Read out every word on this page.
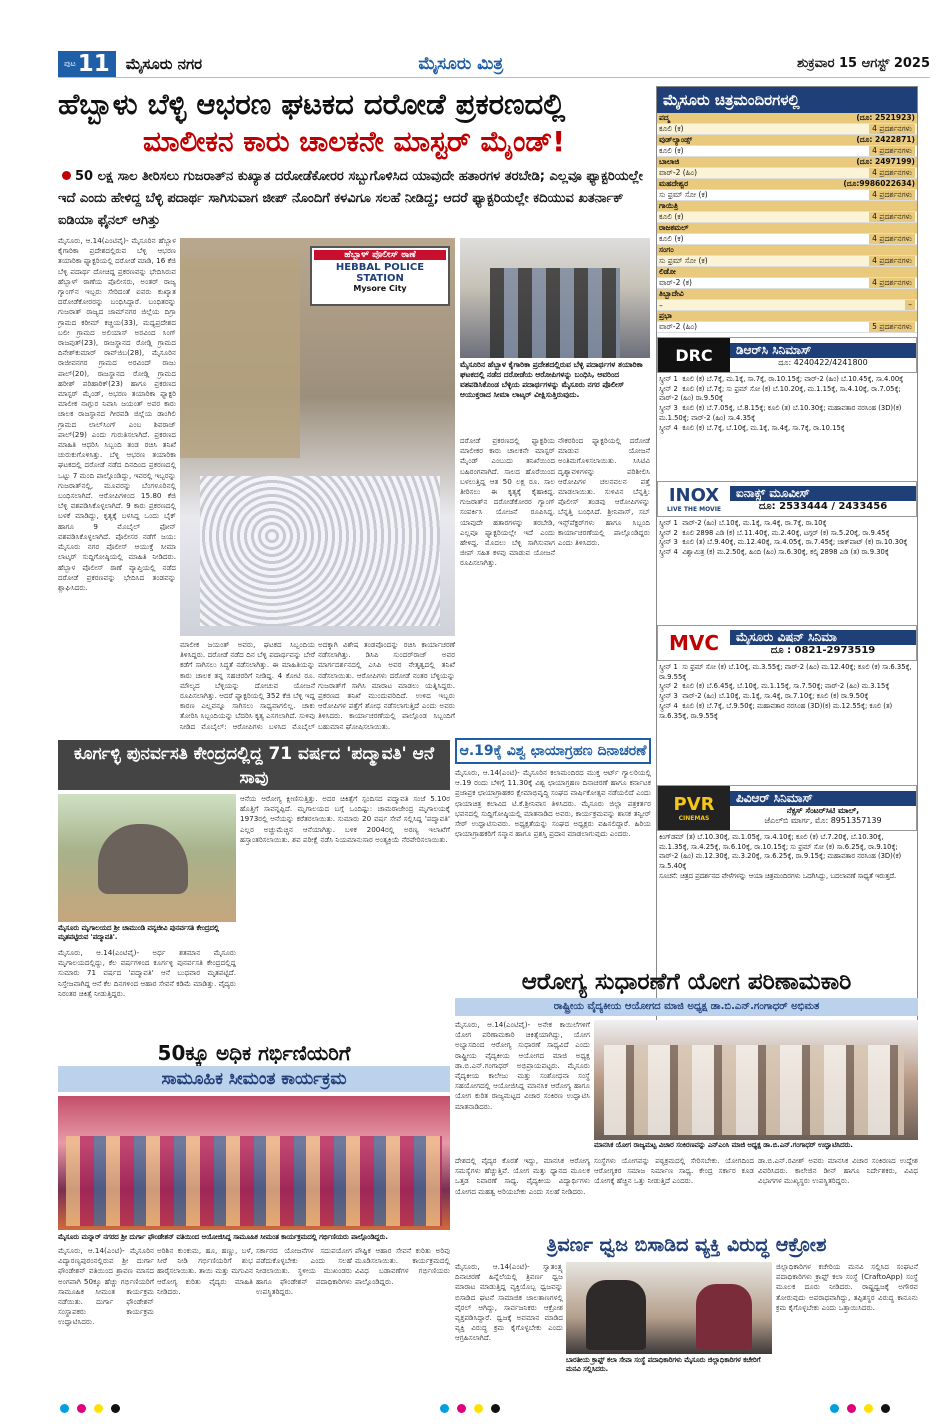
ಪುಟ 11 ಮೈಸೂರು ನಗರ	ಮೈಸೂರು ಮಿತ್ರ	ಶುಕ್ರವಾರ 15 ಆಗಸ್ಟ್ 2025
ಹೆಬ್ಬಾಳು ಬೆಳ್ಳಿ ಆಭರಣ ಘಟಕದ ದರೋಡೆ ಪ್ರಕರಣದಲ್ಲಿ
ಮಾಲೀಕನ ಕಾರು ಚಾಲಕನೇ ಮಾಸ್ಟರ್ ಮೈಂಡ್!
50 ಲಕ್ಷ ಸಾಲ ತೀರಿಸಲು ಗುಜರಾತ್‌ನ ಕುಖ್ಯಾತ ದರೋಡೆಕೋರರ ಸಬ್ಬುಗೊಳಿಸಿದ ಯಾವುದೇ ಹತಾರಗಳ ತರಬೇಡಿ; ಎಲ್ಲವೂ ಫ್ಯಾಕ್ಟರಿಯಲ್ಲೇ ಇದೆ ಎಂದು ಹೇಳಿದ್ದ ಬೆಳ್ಳಿ ಪದಾರ್ಥ ಸಾಗಿಸುವಾಗ ಜೀಪ್ ನೊಂದಿಗೆ ಕಳವಿಗೂ ಸಲಹೆ ನೀಡಿದ್ದ; ಆದರೆ ಫ್ಯಾಕ್ಟರಿಯಲ್ಲೇ ಕದಿಯುವ ಖತರ್ನಾಕ್ ಐಡಿಯಾ ಫೈನಲ್ ಆಗಿತ್ತು
ಮೈಸೂರು, ಆ.14(ಎಂಟಿವೈ)- ಮೈಸೂರಿನ ಹೆಬ್ಬಾಳ ಕೈಗಾರಿಕಾ ಪ್ರದೇಶದಲ್ಲಿರುವ ಬೆಳ್ಳಿ ಆಭರಣ ತಯಾರಿಕಾ ಫ್ಯಾಕ್ಟರಿಯಲ್ಲಿ ದರೋಡೆ ಮಾಡಿ, 16 ಕೆಜಿ ಬೆಳ್ಳಿ ಪದಾರ್ಥ ದೋಚಿದ್ದ ಪ್ರಕರಣವನ್ನು ಭೇದಿಸಿರುವ ಹೆಬ್ಬಾಳ್ ಠಾಣೆಯ ಪೊಲೀಸರು, ಅಂತರ್ ರಾಜ್ಯ ಗ್ಯಾಂಗ್‌ನ ಇಬ್ಬರು ಸೇರಿದಂತೆ ಐವರು ಕುಖ್ಯಾತ ದರೋಡೆಕೋರರನ್ನು ಬಂಧಿಸಿದ್ದಾರೆ. ಬಂಧಿತರನ್ನು ಗುಜರಾತ್ ರಾಜ್ಯದ ಜಾಮ್‌ನಗರ ಜಿಲ್ಲೆಯ ದಿಗ್ರಾ ಗ್ರಾಮದ ಕರೀಮ್ ಕಚ್ಚಿಯ(33), ಮಧ್ಯಪ್ರದೇಶದ ಬಲೀ ಗ್ರಾಮದ ಅಲಿಯಾಸ್ ಅರವಿಂದ ಸಿಂಗ್ ರಾಜಪುತ್(23), ರಾಜಸ್ಥಾನದ ರೋಡ್ಲಿ ಗ್ರಾಮದ ದಿನೇಶ್‌ಕುಮಾರ್ ರಾವ್‌ಜಿಬ(28), ಮೈಸೂರಿನ ರಾಜೀವನಗರ ಗ್ರಾಮದ ಅರವಿಂದ್ ರಾಜು ಪಾಲ್(20), ರಾಜಸ್ಥಾನದ ರೋಡ್ಲಿ ಗ್ರಾಮದ ಹರೀಶ್ ಪರಿಹಾರಿಕ್(23) ಹಾಗೂ ಪ್ರಕರಣದ ಮಾಸ್ಟರ್ ಮೈಂಡ್, ಅಭರಣ ತಯಾರಿಕಾ ಫ್ಯಾಕ್ಟರಿ ಮಾಲೀಕ ನಾಗ್ಪುರ ನಿವಾಸಿ ಜಯಂತ್ ಅವರ ಕಾರು ಚಾಲಕ ರಾಜಸ್ಥಾನದ ಗೀರವಡಿ ಜಿಲ್ಲೆಯ ಡಾಂಗಿಲಿ ಗ್ರಾಮದ ಲಾಲ್‌ಸಿಂಗ್ ಎಂಬ ಶಿವರಾಜ್ ಪಾಲ್(29) ಎಂದು ಗುರುತಿಸಲಾಗಿದೆ. ಪ್ರಕರಣದ ಮಾಹಿತಿ ಆಧರಿಸಿ ಸಿಬ್ಬಂದಿ ತಂಡ ರಚಿಸಿ ತನಿಖೆ ಚುರುಕುಗೊಳಿಸಿತ್ತು. ಬೆಳ್ಳಿ ಆಭರಣ ತಯಾರಿಕಾ ಘಟಕದಲ್ಲಿ ದರೋಡೆ ನಡೆದ ದಿನದಿಂದ ಪ್ರಕರಣದಲ್ಲಿ ಒಟ್ಟು 7 ಮಂದಿ ಪಾಲ್ಗೊಂಡಿದ್ದು, ಇವರಲ್ಲಿ ಇಬ್ಬರನ್ನು ಗುಜರಾತ್‌ನಲ್ಲಿ, ಮೂವರನ್ನು ಬೆಂಗಳೂರಿನಲ್ಲಿ ಬಂಧಿಸಲಾಗಿದೆ. ಆರೋಪಿಗಳಿಂದ 15.80 ಕೆಜಿ ಬೆಳ್ಳಿ ವಶಪಡಿಸಿಕೊಳ್ಳಲಾಗಿದೆ. 9 ಕಾರು ಪ್ರಕರಣದಲ್ಲಿ ಬಳಕೆ ಮಾಡಿದ್ದು, ಕೃತ್ಯಕ್ಕೆ ಬಳಸಿದ್ದ ಒಂದು ಬೈಕ್ ಹಾಗೂ 9 ಮೊಬೈಲ್ ಫೋನ್ ವಶಪಡಿಸಿಕೊಳ್ಳಲಾಗಿದೆ. ಪೊಲೀಸರ ನಡೆಗೆ ಜಯ: ಮೈಸೂರು ನಗರ ಪೊಲೀಸ್ ಆಯುಕ್ತೆ ಸೀಮಾ ಲಾಟ್ಕರ್ ಸುದ್ದಿಗೋಷ್ಠಿಯಲ್ಲಿ ಮಾಹಿತಿ ನೀಡಿದರು. ಹೆಬ್ಬಾಳ ಪೊಲೀಸ್ ಠಾಣೆ ವ್ಯಾಪ್ತಿಯಲ್ಲಿ ನಡೆದ ದರೋಡೆ ಪ್ರಕರಣವನ್ನು ಭೇದಿಸಿದ ತಂಡವನ್ನು ಶ್ಲಾಘಿಸಿದರು.
ಹೆಬ್ಬಾಳ್ ಪೊಲೀಸ್ ಠಾಣೆ
HEBBAL POLICE STATION
Mysore City
ಮೈಸೂರಿನ ಹೆಬ್ಬಾಳ ಕೈಗಾರಿಕಾ ಪ್ರದೇಶದಲ್ಲಿರುವ ಬೆಳ್ಳಿ ಪದಾರ್ಥಗಳ ತಯಾರಿಕಾ ಘಟಕದಲ್ಲಿ ನಡೆದ ದರೋಡೆಯ ಆರೋಪಿಗಳನ್ನು ಬಂಧಿಸಿ, ಆವರಿಂದ ವಶಪಡಿಸಿಕೊಂಡ ಬೆಳ್ಳಿಯ ಪದಾರ್ಥಗಳನ್ನು ಮೈಸೂರು ನಗರ ಪೊಲೀಸ್ ಆಯುಕ್ತರಾದ ಸೀಮಾ ಲಾಟ್ಕರ್ ವೀಕ್ಷಿಸುತ್ತಿರುವುದು.
ದರೋಡೆ ಪ್ರಕರಣದಲ್ಲಿ ಫ್ಯಾಕ್ಟರಿಯ ಮಾಲೀಕರ ಕಾರು ಚಾಲಕನೇ ಮಾಸ್ಟರ್ ಮೈಂಡ್ ಎಂಬುದು ತನಿಖೆಯಿಂದ ಬಹಿರಂಗವಾಗಿದೆ. ಸಾಲದ ಹೊರೆಯಿಂದ ಬಳಲುತ್ತಿದ್ದ ಆತ 50 ಲಕ್ಷ ರೂ. ಸಾಲ ತೀರಿಸಲು ಈ ಕೃತ್ಯಕ್ಕೆ ಕೈಹಾಕಿದ್ದ. ಗುಜರಾತ್‌ನ ದರೋಡೆಕೋರರ ಗ್ಯಾಂಗ್ ಸಂಪರ್ಕಿಸಿ ಯೋಜನೆ ರೂಪಿಸಿದ್ದ. ಯಾವುದೇ ಹತಾರಗಳನ್ನು ತರಬೇಡಿ, ಎಲ್ಲವೂ ಫ್ಯಾಕ್ಟರಿಯಲ್ಲೇ ಇದೆ ಎಂದು ಹೇಳಿದ್ದ. ಮೊದಲು ಬೆಳ್ಳಿ ಸಾಗಿಸುವಾಗ ಜೀಪ್ ಸಹಿತ ಕಳವು ಮಾಡುವ ಯೋಜನೆ ರೂಪಿಸಲಾಗಿತ್ತು.
ನೌಕರರಿಂದ ಫ್ಯಾಕ್ಟರಿಯಲ್ಲಿ ದರೋಡೆ ಮಾಡುವ ಯೋಜನೆ ಅಂತಿಮಗೊಳಿಸಲಾಯಿತು. ಸಿಸಿಟಿವಿ ದೃಶ್ಯಾವಳಿಗಳನ್ನು ಪರಿಶೀಲಿಸಿ ಆರೋಪಿಗಳ ಚಲನವಲನ ಪತ್ತೆ ಮಾಡಲಾಯಿತು. ಸುಳಿವಿನ ಬೆನ್ನತ್ತಿ: ಪೊಲೀಸ್ ತಂಡವು ಆರೋಪಿಗಳನ್ನು ಬೆನ್ನತ್ತಿ ಬಂಧಿಸಿದೆ. ಶ್ರೀನಿವಾಸ್, ಸಬ್ ಇನ್ಸ್‌ಪೆಕ್ಟರ್‌ಗಳು ಹಾಗೂ ಸಿಬ್ಬಂದಿ ಕಾರ್ಯಾಚರಣೆಯಲ್ಲಿ ಪಾಲ್ಗೊಂಡಿದ್ದರು ಎಂದು ತಿಳಿಸಿದರು.
ಮಾಲೀಕ ಜಯಂತ್ ಅವರು, ಘಟಕದ ಸಿಬ್ಬಂದಿಯ ತಿಳಿಸಿದ್ದರು. ದರೋಡೆ ನಡೆದ ದಿನ ಬೆಳ್ಳಿ ಪದಾರ್ಥವನ್ನು ಬೇರೆ ಕಡೆಗೆ ಸಾಗಿಸಲು ಸಿದ್ಧತೆ ನಡೆಸಲಾಗಿತ್ತು. ಈ ಮಾಹಿತಿಯನ್ನು ಕಾರು ಚಾಲಕ ತನ್ನ ಸಹಚರರಿಗೆ ನೀಡಿದ್ದ. 4 ಕೋಟಿ ರೂ. ಮೌಲ್ಯದ ಬೆಳ್ಳಿಯನ್ನು ದೋಚುವ ಯೋಜನೆ ರೂಪಿಸಲಾಗಿತ್ತು. ಆದರೆ ಫ್ಯಾಕ್ಟರಿಯಲ್ಲಿ 352 ಕೆಜಿ ಬೆಳ್ಳಿ ಇದ್ದ ಕಾರಣ ಎಲ್ಲವನ್ನೂ ಸಾಗಿಸಲು ಸಾಧ್ಯವಾಗಲಿಲ್ಲ. ಚಾಕು ತೋರಿಸಿ ಸಿಬ್ಬಂದಿಯನ್ನು ಬೆದರಿಸಿ ಕೃತ್ಯ ಎಸಗಲಾಗಿದೆ. ಸುಳಿವು ನೀಡಿದ ಮೊಬೈಲ್: ಆರೋಪಿಗಳು ಬಳಸಿದ ಮೊಬೈಲ್
ಅದಕ್ಕಾಗಿ ವಿಶೇಷ ತಂಡವೊಂದನ್ನು ರಚಿಸಿ ಕಾರ್ಯಾಚರಣೆ ನಡೆಸಲಾಗಿತ್ತು. ಡಿಸಿಪಿ ಸುಂದರ್‌ರಾಜ್ ಅವರ ಮಾರ್ಗದರ್ಶನದಲ್ಲಿ ಎಸಿಪಿ ಅವರ ನೇತೃತ್ವದಲ್ಲಿ ತನಿಖೆ ನಡೆಸಲಾಯಿತು. ಆರೋಪಿಗಳು ದರೋಡೆ ನಂತರ ಬೆಳ್ಳಿಯನ್ನು ಗುಜರಾತ್‌ಗೆ ಸಾಗಿಸಿ ಮಾರಾಟ ಮಾಡಲು ಯತ್ನಿಸಿದ್ದರು. ಪ್ರಕರಣದ ತನಿಖೆ ಮುಂದುವರಿದಿದೆ. ಉಳಿದ ಇಬ್ಬರು ಆರೋಪಿಗಳ ಪತ್ತೆಗೆ ಶೋಧ ನಡೆಸಲಾಗುತ್ತಿದೆ ಎಂದು ಅವರು ತಿಳಿಸಿದರು. ಕಾರ್ಯಾಚರಣೆಯಲ್ಲಿ ಪಾಲ್ಗೊಂಡ ಸಿಬ್ಬಂದಿಗೆ ಬಹುಮಾನ ಘೋಷಿಸಲಾಯಿತು.
ಮೈಸೂರು ಚಿತ್ರಮಂದಿರಗಳಲ್ಲಿ
ಪದ್ಮ	(ದೂ: 2521923)
ಕೂಲಿ (ಕ)	4 ಪ್ರದರ್ಶನಗಳು
ವುಡ್‌ಲ್ಯಾಂಡ್ಸ್	(ದೂ: 2422871)
ಕೂಲಿ (ಕ)	4 ಪ್ರದರ್ಶನಗಳು
ಬಾಲಾಜಿ	(ದೂ: 2497199)
ವಾರ್-2 (ಹಿಂ)	4 ಪ್ರದರ್ಶನಗಳು
ಮಹದೇಶ್ವರ	(ದೂ:9986022634)
ಸು ಫ್ರಮ್ ಸೋ (ಕ)	4 ಪ್ರದರ್ಶನಗಳು
ಗಾಯಿತ್ರಿ
ಕೂಲಿ (ಕ)	4 ಪ್ರದರ್ಶನಗಳು
ರಾಜಕಮಲ್
ಕೂಲಿ (ಕ)	4 ಪ್ರದರ್ಶನಗಳು
ಸಂಗಂ
ಸು ಫ್ರಮ್ ಸೋ (ಕ)	4 ಪ್ರದರ್ಶನಗಳು
ಲಿಡೋ
ವಾರ್-2 (ಕ)	4 ಪ್ರದರ್ಶನಗಳು
ತಿಬ್ಬಾದೇವಿ
–	–
ಪ್ರಭಾ
ವಾರ್-2 (ಹಿಂ)	5 ಪ್ರದರ್ಶನಗಳು
DRC	ಡಿಆರ್‌ಸಿ ಸಿನಿಮಾಸ್
ದೂ: 4240422/4241800
ಸ್ಕ್ರೀನ್ 1  ಕೂಲಿ (ಕ) ಬೆ.7ಕ್ಕೆ, ಮ.1ಕ್ಕೆ, ಸಾ.7ಕ್ಕೆ, ರಾ.10.15ಕ್ಕೆ; ವಾರ್-2 (ಹಿಂ) ಬೆ.10.45ಕ್ಕೆ, ಸಾ.4.00ಕ್ಕೆ
ಸ್ಕ್ರೀನ್ 2  ಕೂಲಿ (ಕ) ಬೆ.7ಕ್ಕೆ; ಸು ಫ್ರಮ್ ಸೋ (ಕ) ಬೆ.10.20ಕ್ಕೆ, ಮ.1.15ಕ್ಕೆ, ಸಾ.4.10ಕ್ಕೆ, ರಾ.7.05ಕ್ಕೆ; ವಾರ್-2 (ಹಿಂ) ರಾ.9.50ಕ್ಕೆ
ಸ್ಕ್ರೀನ್ 3  ಕೂಲಿ (ಕ) ಬೆ.7.05ಕ್ಕೆ, ಬೆ.8.15ಕ್ಕೆ; ಕೂಲಿ (ತ) ಬೆ.10.30ಕ್ಕೆ; ಮಹಾವತಾರ ನರಸಿಂಹ (3D)(ಕ) ಮ.1.50ಕ್ಕೆ; ವಾರ್-2 (ಹಿಂ) ಸಾ.4.35ಕ್ಕೆ
ಸ್ಕ್ರೀನ್ 4  ಕೂಲಿ (ಕ) ಬೆ.7ಕ್ಕೆ, ಬೆ.10ಕ್ಕೆ, ಮ.1ಕ್ಕೆ, ಸಾ.4ಕ್ಕೆ, ಸಾ.7ಕ್ಕೆ, ರಾ.10.15ಕ್ಕೆ
INOX
LIVE THE MOVIE
ಐನಾಕ್ಸ್ ಮೂವೀಸ್
ದೂ: 2533444 / 2433456
ಸ್ಕ್ರೀನ್ 1  ವಾರ್-2 (ಹಿಂ) ಬೆ.10ಕ್ಕೆ, ಮ.1ಕ್ಕೆ, ಸಾ.4ಕ್ಕೆ, ರಾ.7ಕ್ಕೆ, ರಾ.10ಕ್ಕೆ
ಸ್ಕ್ರೀನ್ 2  ಕೂಲಿ 2898 ಎಡಿ (ಕ) ಬೆ.11.40ಕ್ಕೆ, ಮ.2.40ಕ್ಕೆ, ಟಗ್ಗರ್ (ಕ) ಸಾ.5.20ಕ್ಕೆ, ರಾ.9.45ಕ್ಕೆ
ಸ್ಕ್ರೀನ್ 3  ಕೂಲಿ (ತ) ಬೆ.9.40ಕ್ಕೆ, ಮ.12.40ಕ್ಕೆ, ಸಾ.4.05ಕ್ಕೆ, ರಾ.7.45ಕ್ಕೆ; ಜಾಕ್‌ಪಾಟ್ (ಕ) ರಾ.10.30ಕ್ಕೆ
ಸ್ಕ್ರೀನ್ 4  ವಿಶ್ವಾಮಿತ್ರ (ಕ) ಮ.2.50ಕ್ಕೆ, ಹಿಂದಿ (ಹಿಂ) ಸಾ.6.30ಕ್ಕೆ, ಕಲ್ಕಿ 2898 ಎಡಿ (ತ) ರಾ.9.30ಕ್ಕೆ
MVC	ಮೈಸೂರು ವಿಷನ್ ಸಿನಿಮಾ
ದೂ : 0821-2973519
ಸ್ಕ್ರೀನ್ 1  ಸು ಫ್ರಮ್ ಸೋ (ಕ) ಬೆ.10ಕ್ಕೆ, ಮ.3.55ಕ್ಕೆ; ವಾರ್-2 (ಹಿಂ) ಮ.12.40ಕ್ಕೆ; ಕೂಲಿ (ಕ) ಸಾ.6.35ಕ್ಕೆ, ರಾ.9.55ಕ್ಕೆ
ಸ್ಕ್ರೀನ್ 2  ಕೂಲಿ (ಕ) ಬೆ.6.45ಕ್ಕೆ, ಬೆ.10ಕ್ಕೆ, ಮ.1.15ಕ್ಕೆ, ಸಾ.7.50ಕ್ಕೆ; ವಾರ್-2 (ಹಿಂ) ಮ.3.15ಕ್ಕೆ
ಸ್ಕ್ರೀನ್ 3  ವಾರ್-2 (ಹಿಂ) ಬೆ.10ಕ್ಕೆ, ಮ.1ಕ್ಕೆ, ಸಾ.4ಕ್ಕೆ, ರಾ.7.10ಕ್ಕೆ; ಕೂಲಿ (ಕ) ರಾ.9.50ಕ್ಕೆ
ಸ್ಕ್ರೀನ್ 4  ಕೂಲಿ (ಕ) ಬೆ.7ಕ್ಕೆ, ಬೆ.9.50ಕ್ಕೆ; ಮಹಾವತಾರ ನರಸಿಂಹ (3D)(ಕ) ಮ.12.55ಕ್ಕೆ; ಕೂಲಿ (ತ) ಸಾ.6.35ಕ್ಕೆ, ರಾ.9.55ಕ್ಕೆ
PVR
CINEMAS
ಪಿವಿಆರ್ ಸಿನಿಮಾಸ್
ನೆಕ್ಸಸ್ ಸೆಂಟರ್‌ಸಿಟಿ ಮಾಲ್,
ಜೆಎಲ್‌ಬಿ ಮಾರ್ಗ, ಮೊ: 8951357139
ಕಿಂಗ್‌ಡಮ್ (ತ) ಬೆ.10.30ಕ್ಕೆ, ಮ.1.05ಕ್ಕೆ, ಸಾ.4.10ಕ್ಕೆ; ಕೂಲಿ (ಕ) ಬೆ.7.20ಕ್ಕೆ, ಬೆ.10.30ಕ್ಕೆ, ಮ.1.35ಕ್ಕೆ, ಸಾ.4.25ಕ್ಕೆ, ಸಾ.6.10ಕ್ಕೆ, ರಾ.10.15ಕ್ಕೆ; ಸು ಫ್ರಮ್ ಸೋ (ಕ) ಸಾ.6.25ಕ್ಕೆ, ರಾ.9.10ಕ್ಕೆ; ವಾರ್-2 (ಹಿಂ) ಮ.12.30ಕ್ಕೆ, ಮ.3.20ಕ್ಕೆ, ಸಾ.6.25ಕ್ಕೆ, ರಾ.9.15ಕ್ಕೆ; ಮಹಾವತಾರ ನರಸಿಂಹ (3D)(ಕ) ಸಾ.5.40ಕ್ಕೆ
ಸೂಚನೆ: ಚಿತ್ರದ ಪ್ರದರ್ಶನದ ವೇಳೆಗಳನ್ನು ಆಯಾ ಚಿತ್ರಮಂದಿರಗಳು ಒದಗಿಸಿದ್ದು, ಬದಲಾವಣೆ ಸಾಧ್ಯತೆ ಇರುತ್ತದೆ.
ಕೂರ್ಗಳ್ಳಿ ಪುನರ್ವಸತಿ ಕೇಂದ್ರದಲ್ಲಿದ್ದ 71 ವರ್ಷದ 'ಪದ್ಮಾವತಿ' ಆನೆ ಸಾವು
ಮೈಸೂರು ಮೃಗಾಲಯದ ಶ್ರೀ ಚಾಮುಂಡಿ ವನ್ಯಜೀವಿ ಪುನರ್ವಸತಿ ಕೇಂದ್ರದಲ್ಲಿ ಮೃತಪಟ್ಟಿರುವ 'ಪದ್ಮಾವತಿ'.
ಮೈಸೂರು, ಆ.14(ಎಂಟಿವೈ)- ಅರ್ಧ ಶತಮಾನ ಮೈಸೂರು ಮೃಗಾಲಯದಲ್ಲಿದ್ದು, ಕೆಲ ವರ್ಷಗಳಿಂದ ಕೂರ್ಗಳ್ಳಿ ಪುನರ್ವಸತಿ ಕೇಂದ್ರದಲ್ಲಿದ್ದ ಸುಮಾರು 71 ವರ್ಷದ 'ಪದ್ಮಾವತಿ' ಆನೆ ಬುಧವಾರ ಮೃತಪಟ್ಟಿದೆ. ನಿಸ್ತೇಜವಾಗಿದ್ದ ಆನೆ ಕೆಲ ದಿನಗಳಿಂದ ಆಹಾರ ಸೇವನೆ ಕಡಿಮೆ ಮಾಡಿತ್ತು. ವೈದ್ಯರು ನಿರಂತರ ಚಿಕಿತ್ಸೆ ನೀಡುತ್ತಿದ್ದರು.
ಆನೆಯ ಆರೋಗ್ಯ ಕ್ಷೀಣಿಸುತ್ತಿತ್ತು. ಅದರ ಚಿಕಿತ್ಸೆಗೆ ಸ್ಪಂದಿಸದ ಪದ್ಮಾವತಿ ಸಂಜೆ 5.10ರ ಹೊತ್ತಿಗೆ ಸಾವನ್ನಪ್ಪಿದೆ. ಮೃಗಾಲಯದ ಬಗ್ಗೆ ಒಂದಿಷ್ಟು: ಚಾಮರಾಜೇಂದ್ರ ಮೃಗಾಲಯಕ್ಕೆ 1973ರಲ್ಲಿ ಆನೆಯನ್ನು ಕರೆತರಲಾಯಿತು. ಸುಮಾರು 20 ವರ್ಷ ಸೇವೆ ಸಲ್ಲಿಸಿದ್ದ 'ಪದ್ಮಾವತಿ' ಎಲ್ಲರ ಅಚ್ಚುಮೆಚ್ಚಿನ ಆನೆಯಾಗಿತ್ತು. ಬಳಿಕ 2004ರಲ್ಲಿ ಅರಣ್ಯ ಇಲಾಖೆಗೆ ಹಸ್ತಾಂತರಿಸಲಾಯಿತು. ಶವ ಪರೀಕ್ಷೆ ನಡೆಸಿ ನಿಯಮಾನುಸಾರ ಅಂತ್ಯಕ್ರಿಯೆ ನೆರವೇರಿಸಲಾಯಿತು.
ಆ.19ಕ್ಕೆ ವಿಶ್ವ ಛಾಯಾಗ್ರಹಣ ದಿನಾಚರಣೆ
ಮೈಸೂರು, ಆ.14(ಎಂಟಿ)- ಮೈಸೂರಿನ ಕಲಾಮಂದಿರದ ಮುಕ್ತ ಆರ್ಟ್ ಗ್ಯಾಲರಿಯಲ್ಲಿ ಆ.19 ರಂದು ಬೆಳಿಗ್ಗೆ 11.30ಕ್ಕೆ ವಿಶ್ವ ಛಾಯಾಗ್ರಹಣ ದಿನಾಚರಣೆ ಹಾಗೂ ಕರ್ನಾಟಕ ಪ್ರಜಾಪ್ರಕ ಛಾಯಾಗ್ರಾಹಕರ ಕ್ಷೇಮಾಭಿವೃದ್ಧಿ ಸಂಘದ ವಾರ್ಷಿಕೋತ್ಸವ ನಡೆಯಲಿದೆ ಎಂದು ಛಾಯಾಚಿತ್ರ ಕಲಾವಿದ ಟಿ.ಕೆ.ಶ್ರೀನಿವಾಸ ತಿಳಿಸಿದರು. ಮೈಸೂರು ಜಿಲ್ಲಾ ಪತ್ರಕರ್ತರ ಭವನದಲ್ಲಿ ಸುದ್ದಿಗೋಷ್ಠಿಯಲ್ಲಿ ಮಾತನಾಡಿದ ಅವರು, ಕಾರ್ಯಕ್ರಮವನ್ನು ಶಾಸಕ ತನ್ವೀರ್ ಸೇಠ್ ಉದ್ಘಾಟಿಸುವರು. ಅಧ್ಯಕ್ಷತೆಯನ್ನು ಸಂಘದ ಅಧ್ಯಕ್ಷರು ವಹಿಸಲಿದ್ದಾರೆ. ಹಿರಿಯ ಛಾಯಾಗ್ರಾಹಕರಿಗೆ ಸನ್ಮಾನ ಹಾಗೂ ಪ್ರಶಸ್ತಿ ಪ್ರದಾನ ಮಾಡಲಾಗುವುದು ಎಂದರು.
ಆರೋಗ್ಯ ಸುಧಾರಣೆಗೆ ಯೋಗ ಪರಿಣಾಮಕಾರಿ
ರಾಷ್ಟ್ರೀಯ ವೈದ್ಯಕೀಯ ಆಯೋಗದ ಮಾಜಿ ಅಧ್ಯಕ್ಷ ಡಾ.ಬಿ.ಎನ್.ಗಂಗಾಧರ್ ಅಭಿಮತ
ಮೈಸೂರು, ಆ.14(ಎಂಟಿವೈ)- ಅನೇಕ ಕಾಯಿಲೆಗಳಿಗೆ ಯೋಗ ಪರಿಣಾಮಕಾರಿ ಚಿಕಿತ್ಸೆಯಾಗಿದ್ದು, ಯೋಗ ಅಭ್ಯಾಸದಿಂದ ಆರೋಗ್ಯ ಸುಧಾರಣೆ ಸಾಧ್ಯವಿದೆ ಎಂದು ರಾಷ್ಟ್ರೀಯ ವೈದ್ಯಕೀಯ ಆಯೋಗದ ಮಾಜಿ ಅಧ್ಯಕ್ಷ ಡಾ.ಬಿ.ಎನ್.ಗಂಗಾಧರ್ ಅಭಿಪ್ರಾಯಪಟ್ಟರು. ಮೈಸೂರು ವೈದ್ಯಕೀಯ ಕಾಲೇಜು ಮತ್ತು ಸಂಶೋಧನಾ ಸಂಸ್ಥೆ ಸಹಯೋಗದಲ್ಲಿ ಆಯೋಜಿಸಿದ್ದ ಮಾನಸಿಕ ಆರೋಗ್ಯ ಹಾಗೂ ಯೋಗ ಕುರಿತ ರಾಜ್ಯಮಟ್ಟದ ವಿಚಾರ ಸಂಕಿರಣ ಉದ್ಘಾಟಿಸಿ ಮಾತನಾಡಿದರು.
ಮಾನಸಿಕ ಯೋಗ ರಾಜ್ಯಮಟ್ಟ ವಿಚಾರ ಸಂಕಿರಣವನ್ನು ಎನ್ಎಂಸಿ ಮಾಜಿ ಅಧ್ಯಕ್ಷ ಡಾ.ಬಿ.ಎನ್.ಗಂಗಾಧರ್ ಉದ್ಘಾಟಿಸಿದರು.
ದೇಶದಲ್ಲಿ ವೈದ್ಯರ ಕೊರತೆ ಇದ್ದು, ಮಾನಸಿಕ ಆರೋಗ್ಯ ಸಮಸ್ಯೆಗಳು ಹೆಚ್ಚುತ್ತಿವೆ. ಯೋಗ ಮತ್ತು ಧ್ಯಾನದ ಮೂಲಕ ಒತ್ತಡ ನಿವಾರಣೆ ಸಾಧ್ಯ. ವೈದ್ಯಕೀಯ ವಿದ್ಯಾರ್ಥಿಗಳು ಯೋಗದ ಮಹತ್ವ ಅರಿಯಬೇಕು ಎಂದು ಸಲಹೆ ನೀಡಿದರು.
ಸಂಸ್ಥೆಗಳು ಯೋಗವನ್ನು ಪಠ್ಯಕ್ರಮದಲ್ಲಿ ಸೇರಿಸಬೇಕು. ಯೋಗದಿಂದ ಆರೋಗ್ಯಕರ ಸಮಾಜ ನಿರ್ಮಾಣ ಸಾಧ್ಯ. ಕೇಂದ್ರ ಸರ್ಕಾರ ಕೂಡ ಯೋಗಕ್ಕೆ ಹೆಚ್ಚಿನ ಒತ್ತು ನೀಡುತ್ತಿದೆ ಎಂದರು.
ಡಾ.ಬಿ.ಎನ್.ರವೀಶ್ ಅವರು ಮಾನಸಿಕ ವಿಚಾರ ಸಂಕಿರಣದ ಉದ್ದೇಶ ವಿವರಿಸಿದರು. ಕಾಲೇಜಿನ ಡೀನ್ ಹಾಗೂ ನಿರ್ದೇಶಕರು, ವಿವಿಧ ವಿಭಾಗಗಳ ಮುಖ್ಯಸ್ಥರು ಉಪಸ್ಥಿತರಿದ್ದರು.
50ಕ್ಕೂ ಅಧಿಕ ಗರ್ಭಿಣಿಯರಿಗೆ
ಸಾಮೂಹಿಕ ಸೀಮಂತ ಕಾರ್ಯಕ್ರಮ
ಮೈಸೂರು ಮನ್ನಾರ್ ನಗರದ ಶ್ರೀ ದುರ್ಗಾ ಫೌಂಡೇಶನ್ ವತಿಯಿಂದ ಆಯೋಜಿಸಿದ್ದ ಸಾಮೂಹಿಕ ಸೀಮಂತ ಕಾರ್ಯಕ್ರಮದಲ್ಲಿ ಗರ್ಭಿಣಿಯರು ಪಾಲ್ಗೊಂಡಿದ್ದರು.
ಮೈಸೂರು, ಆ.14(ಎಂಟಿ)- ಮೈಸೂರಿನ ವಿದ್ಯಾರಣ್ಯಪುರಂನಲ್ಲಿರುವ ಶ್ರೀ ದುರ್ಗಾ ಫೌಂಡೇಶನ್ ವತಿಯಿಂದ ಶ್ರಾವಣ ಮಾಸದ ಅಂಗವಾಗಿ 50ಕ್ಕೂ ಹೆಚ್ಚು ಗರ್ಭಿಣಿಯರಿಗೆ ಸಾಮೂಹಿಕ ಸೀಮಂತ ಕಾರ್ಯಕ್ರಮ ನಡೆಯಿತು. ದುರ್ಗಾ ಫೌಂಡೇಶನ್ ಸಂಸ್ಥಾಪಕರು ಕಾರ್ಯಕ್ರಮ ಉದ್ಘಾಟಿಸಿದರು.
ಅರಿಶಿನ ಕುಂಕುಮ, ಹೂ, ಹಣ್ಣು, ಬಳೆ, ಸೀರೆ ನೀಡಿ ಗರ್ಭಿಣಿಯರಿಗೆ ಶುಭ ಹಾರೈಸಲಾಯಿತು. ತಾಯಿ ಮತ್ತು ಮಗುವಿನ ಆರೋಗ್ಯ ಕುರಿತು ವೈದ್ಯರು ಮಾಹಿತಿ ನೀಡಿದರು.
ಸರ್ಕಾರದ ಯೋಜನೆಗಳ ಸದುಪಯೋಗ ಪಡೆದುಕೊಳ್ಳಬೇಕು ಎಂದು ಸಲಹೆ ನೀಡಲಾಯಿತು. ಸ್ಥಳೀಯ ಮುಖಂಡರು ಹಾಗೂ ಫೌಂಡೇಶನ್ ಪದಾಧಿಕಾರಿಗಳು ಉಪಸ್ಥಿತರಿದ್ದರು.
ಪೌಷ್ಟಿಕ ಆಹಾರ ಸೇವನೆ ಕುರಿತು ಅರಿವು ಮೂಡಿಸಲಾಯಿತು. ಕಾರ್ಯಕ್ರಮದಲ್ಲಿ ವಿವಿಧ ಬಡಾವಣೆಗಳ ಗರ್ಭಿಣಿಯರು ಪಾಲ್ಗೊಂಡಿದ್ದರು.
ತ್ರಿವರ್ಣ ಧ್ವಜ ಬಿಸಾಡಿದ ವ್ಯಕ್ತಿ ವಿರುದ್ಧ ಆಕ್ರೋಶ
ಮೈಸೂರು, ಆ.14(ಎಂಟಿ)- ಸ್ವಾತಂತ್ರ್ಯ ದಿನಾಚರಣೆ ಹಿನ್ನೆಲೆಯಲ್ಲಿ ತ್ರಿವರ್ಣ ಧ್ವಜ ಮಾರಾಟ ಮಾಡುತ್ತಿದ್ದ ವ್ಯಕ್ತಿಯೊಬ್ಬ ಧ್ವಜವನ್ನು ಬಿಸಾಡಿದ ಘಟನೆ ಸಾಮಾಜಿಕ ಜಾಲತಾಣಗಳಲ್ಲಿ ವೈರಲ್ ಆಗಿದ್ದು, ಸಾರ್ವಜನಿಕರು ಆಕ್ರೋಶ ವ್ಯಕ್ತಪಡಿಸಿದ್ದಾರೆ. ಧ್ವಜಕ್ಕೆ ಅವಮಾನ ಮಾಡಿದ ವ್ಯಕ್ತಿ ವಿರುದ್ಧ ಕ್ರಮ ಕೈಗೊಳ್ಳಬೇಕು ಎಂದು ಆಗ್ರಹಿಸಲಾಗಿದೆ.
ಬಾರತೀಯ ಕ್ರಾಫ್ಟ್ ಕಲಾ ಸೇವಾ ಸಂಸ್ಥೆ ಪದಾಧಿಕಾರಿಗಳು ಮೈಸೂರು ಜಿಲ್ಲಾಧಿಕಾರಿಗಳ ಕಚೇರಿಗೆ ಮನವಿ ಸಲ್ಲಿಸಿದರು.
ಜಿಲ್ಲಾಧಿಕಾರಿಗಳ ಕಚೇರಿಯ ಮನವಿ ಸಲ್ಲಿಸಿದ ಸಂಘಟನೆ ಪದಾಧಿಕಾರಿಗಳು ಕ್ರಾಫ್ಟ್ ಕಲಾ ಸಂಸ್ಥೆ (CraftoApp) ಸಂಸ್ಥೆ ಮೂಲಕ ದೂರು ನೀಡಿದರು. ರಾಷ್ಟ್ರಧ್ವಜಕ್ಕೆ ಅಗೌರವ ತೋರುವುದು ಅಪರಾಧವಾಗಿದ್ದು, ತಪ್ಪಿತಸ್ಥರ ವಿರುದ್ಧ ಕಾನೂನು ಕ್ರಮ ಕೈಗೊಳ್ಳಬೇಕು ಎಂದು ಒತ್ತಾಯಿಸಿದರು.
